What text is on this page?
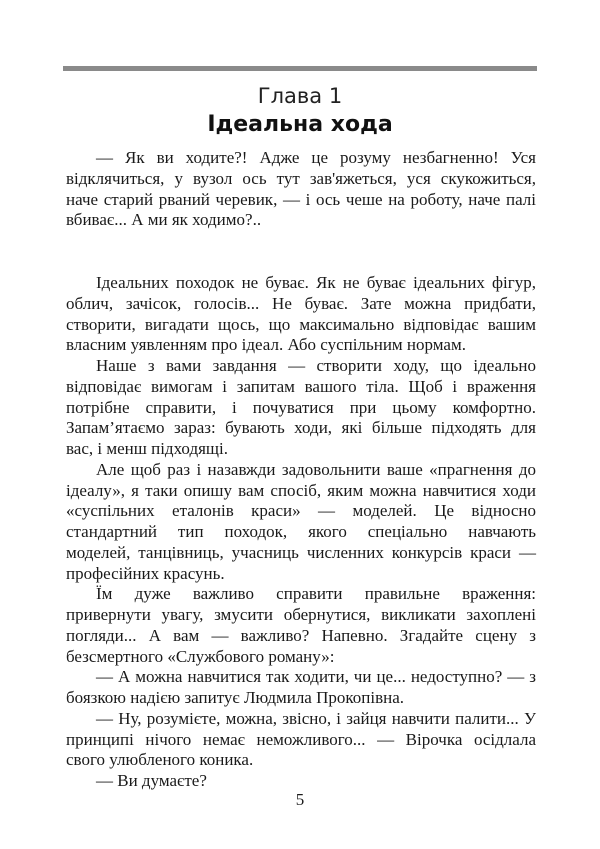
Глава 1
Ідеальна хода
— Як ви ходите?! Адже це розуму незбагненно! Уся
відклячиться, у вузол ось тут зав'яжеться, уся скукожиться,
наче старий рваний черевик, — і ось чеше на роботу, наче палі
вбиває... А ми як ходимо?..
Ідеальних походок не буває. Як не буває ідеальних фігур,
облич, зачісок, голосів... Не буває. Зате можна придбати,
створити, вигадати щось, що максимально відповідає вашим
власним уявленням про ідеал. Або суспільним нормам.
Наше з вами завдання — створити ходу, що ідеально
відповідає вимогам і запитам вашого тіла. Щоб і враження
потрібне справити, і почуватися при цьому комфортно.
Запам’ятаємо зараз: бувають ходи, які більше підходять для
вас, і менш підходящі.
Але щоб раз і назавжди задовольнити ваше «прагнення до
ідеалу», я таки опишу вам спосіб, яким можна навчитися ходи
«суспільних еталонів краси» — моделей. Це відносно
стандартний тип походок, якого спеціально навчають
моделей, танцівниць, учасниць численних конкурсів краси —
професійних красунь.
Їм дуже важливо справити правильне враження:
привернути увагу, змусити обернутися, викликати захоплені
погляди... А вам — важливо? Напевно. Згадайте сцену з
безсмертного «Службового роману»:
— А можна навчитися так ходити, чи це... недоступно? — з
боязкою надією запитує Людмила Прокопівна.
— Ну, розумієте, можна, звісно, і зайця навчити палити... У
принципі нічого немає неможливого... — Вірочка осідлала
свого улюбленого коника.
— Ви думаєте?
5
